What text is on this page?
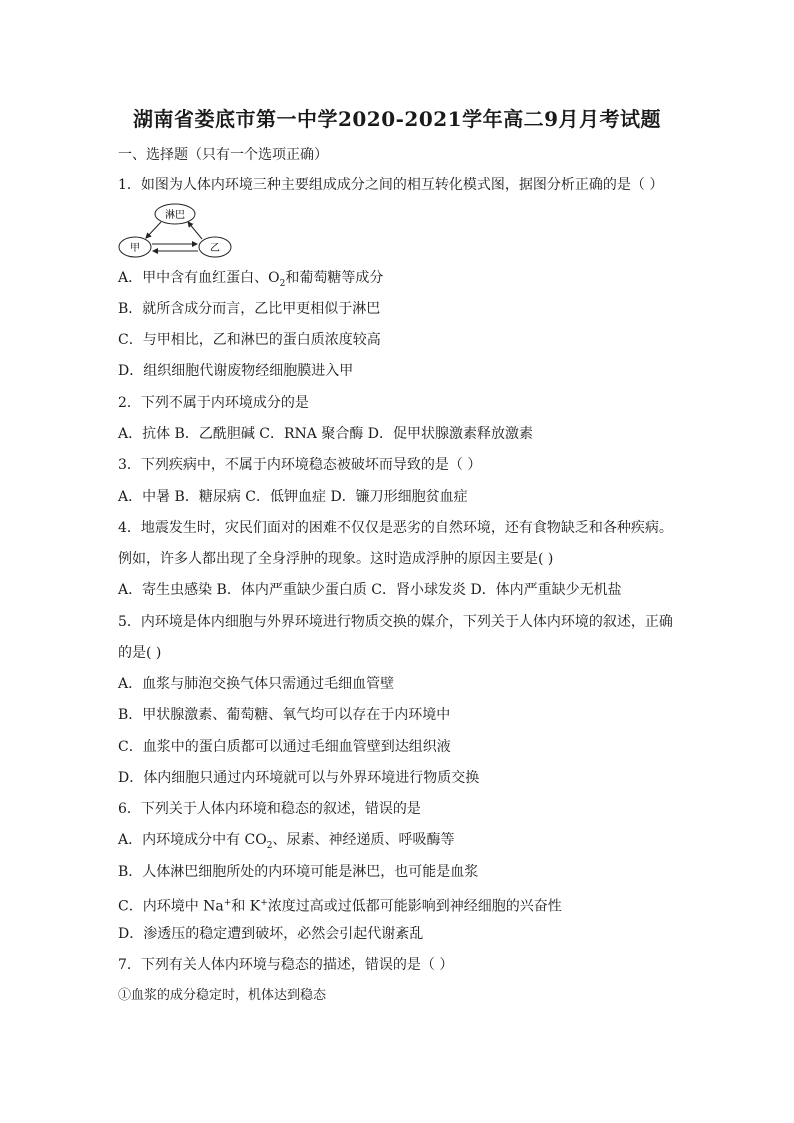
湖南省娄底市第一中学2020-2021学年高二9月月考试题
一、选择题（只有一个选项正确）
1．如图为人体内环境三种主要组成成分之间的相互转化模式图，据图分析正确的是（ ）
淋巴
甲	乙
A．甲中含有血红蛋白、$O_2$和葡萄糖等成分
B．就所含成分而言，乙比甲更相似于淋巴
C．与甲相比，乙和淋巴的蛋白质浓度较高
D．组织细胞代谢废物经细胞膜进入甲
2．下列不属于内环境成分的是
A．抗体 B．乙酰胆碱 C．RNA 聚合酶 D．促甲状腺激素释放激素
3．下列疾病中，不属于内环境稳态被破坏而导致的是（ ）
A．中暑 B．糖尿病 C．低钾血症 D．镰刀形细胞贫血症
4．地震发生时，灾民们面对的困难不仅仅是恶劣的自然环境，还有食物缺乏和各种疾病。
例如，许多人都出现了全身浮肿的现象。这时造成浮肿的原因主要是( )
A．寄生虫感染 B．体内严重缺少蛋白质 C．肾小球发炎 D．体内严重缺少无机盐
5．内环境是体内细胞与外界环境进行物质交换的媒介，下列关于人体内环境的叙述，正确
的是( )
A．血浆与肺泡交换气体只需通过毛细血管壁
B．甲状腺激素、葡萄糖、氧气均可以存在于内环境中
C．血浆中的蛋白质都可以通过毛细血管壁到达组织液
D．体内细胞只通过内环境就可以与外界环境进行物质交换
6．下列关于人体内环境和稳态的叙述，错误的是
A．内环境成分中有 $CO_2$、尿素、神经递质、呼吸酶等
B．人体淋巴细胞所处的内环境可能是淋巴，也可能是血浆
C．内环境中 Na+和 K+浓度过高或过低都可能影响到神经细胞的兴奋性
D．渗透压的稳定遭到破坏，必然会引起代谢紊乱
7．下列有关人体内环境与稳态的描述，错误的是（ ）
①血浆的成分稳定时，机体达到稳态
